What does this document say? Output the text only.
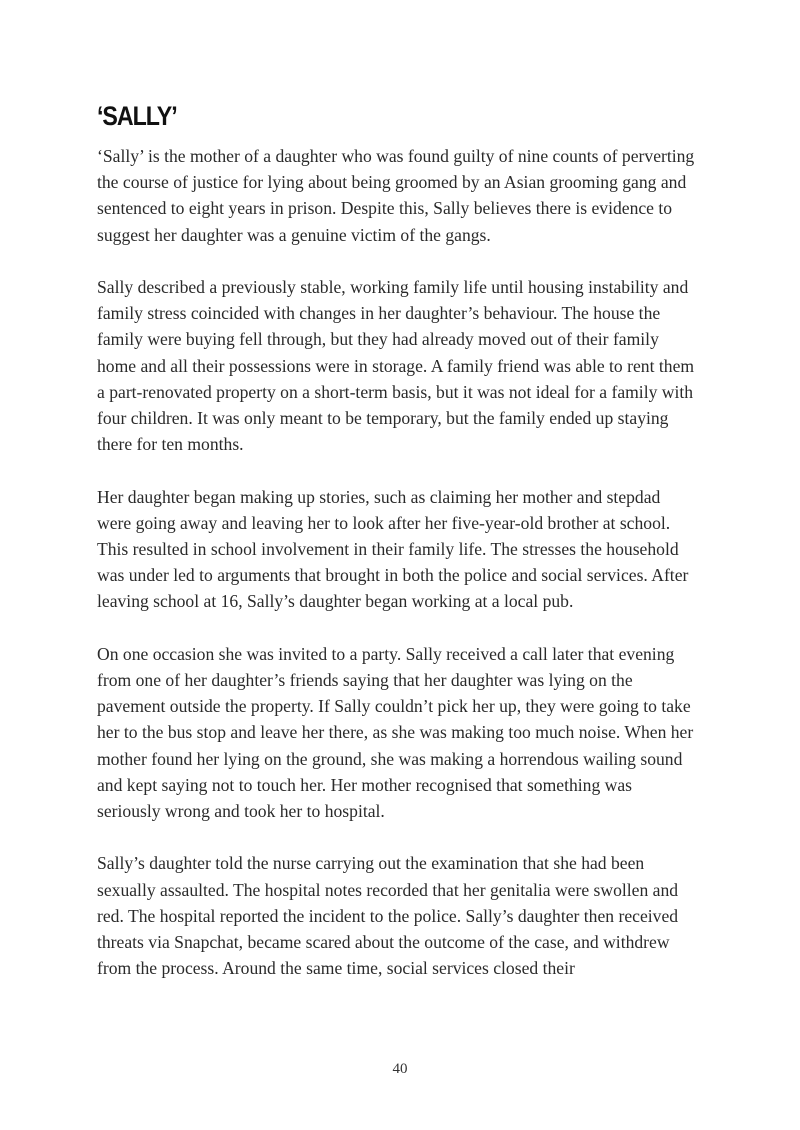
‘SALLY’

‘Sally’ is the mother of a daughter who was found guilty of nine counts of perverting the course of justice for lying about being groomed by an Asian grooming gang and sentenced to eight years in prison. Despite this, Sally believes there is evidence to suggest her daughter was a genuine victim of the gangs.

Sally described a previously stable, working family life until housing instability and family stress coincided with changes in her daughter’s behaviour. The house the family were buying fell through, but they had already moved out of their family home and all their possessions were in storage. A family friend was able to rent them a part-renovated property on a short-term basis, but it was not ideal for a family with four children. It was only meant to be temporary, but the family ended up staying there for ten months.

Her daughter began making up stories, such as claiming her mother and stepdad were going away and leaving her to look after her five-year-old brother at school. This resulted in school involvement in their family life. The stresses the household was under led to arguments that brought in both the police and social services. After leaving school at 16, Sally’s daughter began working at a local pub.

On one occasion she was invited to a party. Sally received a call later that evening from one of her daughter’s friends saying that her daughter was lying on the pavement outside the property. If Sally couldn’t pick her up, they were going to take her to the bus stop and leave her there, as she was making too much noise. When her mother found her lying on the ground, she was making a horrendous wailing sound and kept saying not to touch her. Her mother recognised that something was seriously wrong and took her to hospital.

Sally’s daughter told the nurse carrying out the examination that she had been sexually assaulted. The hospital notes recorded that her genitalia were swollen and red. The hospital reported the incident to the police. Sally’s daughter then received threats via Snapchat, became scared about the outcome of the case, and withdrew from the process. Around the same time, social services closed their

40
